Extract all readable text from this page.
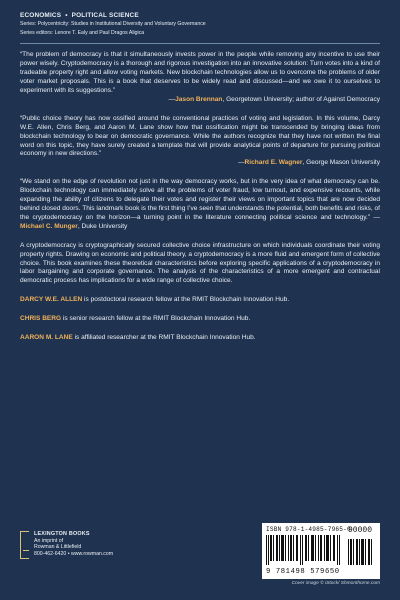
ECONOMICS • POLITICAL SCIENCE
Series: Polycentricity: Studies in Institutional Diversity and Voluntary Governance
Series editors: Lenore T. Ealy and Paul Dragos Aligica
“The problem of democracy is that it simultaneously invests power in the people while removing any incentive to use their power wisely. Cryptodemocracy is a thorough and rigorous investigation into an innovative solution: Turn votes into a kind of tradeable property right and allow voting markets. New blockchain technologies allow us to overcome the problems of older voter market proposals. This is a book that deserves to be widely read and discussed—and we owe it to ourselves to experiment with its suggestions.”
—Jason Brennan, Georgetown University; author of Against Democracy
“Public choice theory has now ossified around the conventional practices of voting and legislation. In this volume, Darcy W.E. Allen, Chris Berg, and Aaron M. Lane show how that ossification might be transcended by bringing ideas from blockchain technology to bear on democratic governance. While the authors recognize that they have not written the final word on this topic, they have surely created a template that will provide analytical points of departure for pursuing political economy in new directions.”
—Richard E. Wagner, George Mason University
“We stand on the edge of revolution not just in the way democracy works, but in the very idea of what democracy can be. Blockchain technology can immediately solve all the problems of voter fraud, low turnout, and expensive recounts, while expanding the ability of citizens to delegate their votes and register their views on important topics that are now decided behind closed doors. This landmark book is the first thing I’ve seen that understands the potential, both benefits and risks, of the cryptodemocracy on the horizon—a turning point in the literature connecting political science and technology.” —Michael C. Munger, Duke University
A cryptodemocracy is cryptographically secured collective choice infrastructure on which individuals coordinate their voting property rights. Drawing on economic and political theory, a cryptodemocracy is a more fluid and emergent form of collective choice. This book examines these theoretical characteristics before exploring specific applications of a cryptodemocracy in labor bargaining and corporate governance. The analysis of the characteristics of a more emergent and contractual democratic process has implications for a wide range of collective choice.
DARCY W.E. ALLEN is postdoctoral research fellow at the RMIT Blockchain Innovation Hub.
CHRIS BERG is senior research fellow at the RMIT Blockchain Innovation Hub.
AARON M. LANE is affiliated researcher at the RMIT Blockchain Innovation Hub.
LEXINGTON BOOKS
An imprint of
Rowman & Littlefield
800-462-6420 • www.rowman.com
ISBN 978-1-4985-7965-0
90000
9 781498 579650
Cover image © iStock/ Shmonthorne.com
